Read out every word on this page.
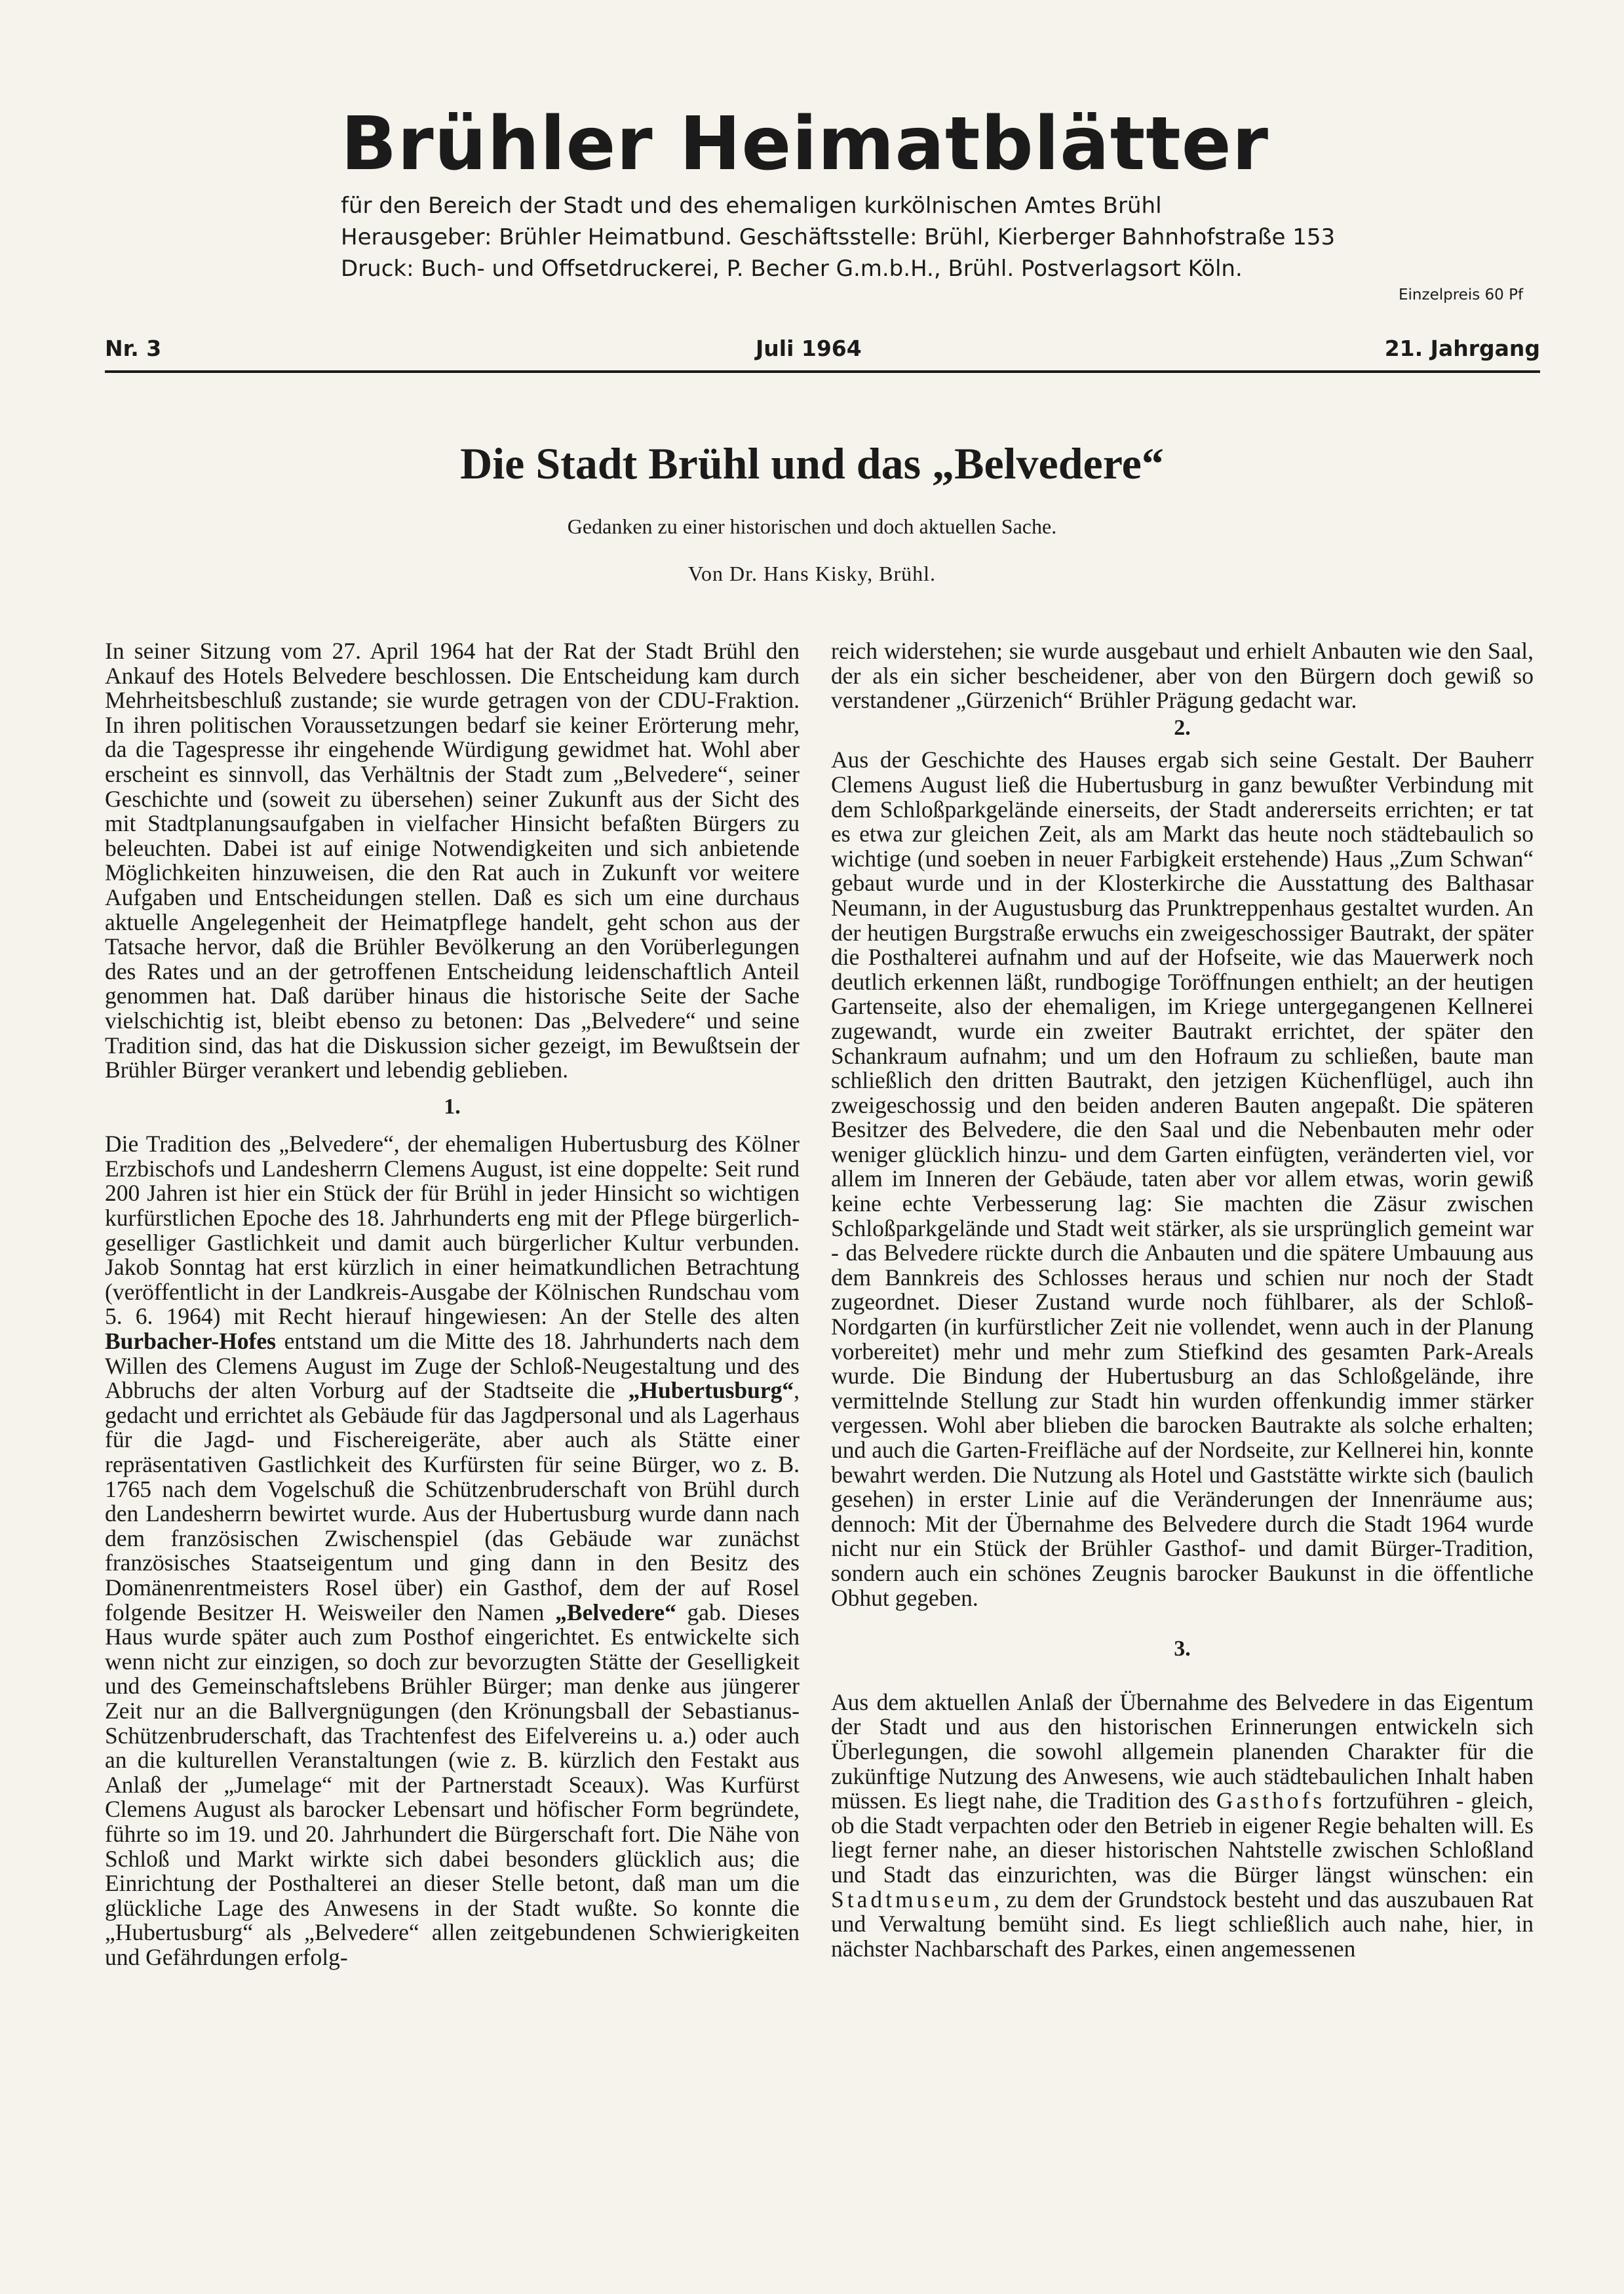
Brühler Heimatblätter
für den Bereich der Stadt und des ehemaligen kurkölnischen Amtes Brühl
Herausgeber: Brühler Heimatbund. Geschäftsstelle: Brühl, Kierberger Bahnhofstraße 153
Druck: Buch- und Offsetdruckerei, P. Becher G.m.b.H., Brühl. Postverlagsort Köln.
Einzelpreis 60 Pf
Nr. 3	Juli 1964	21. Jahrgang
Die Stadt Brühl und das „Belvedere“
Gedanken zu einer historischen und doch aktuellen Sache.
Von Dr. Hans Kisky, Brühl.

In seiner Sitzung vom 27. April 1964 hat der Rat der Stadt Brühl den Ankauf des Hotels Belvedere beschlossen. Die Entscheidung kam durch Mehrheitsbeschluß zustande; sie wurde getragen von der CDU-Fraktion. In ihren politischen Voraussetzungen bedarf sie keiner Erörterung mehr, da die Tagespresse ihr eingehende Würdigung gewidmet hat. Wohl aber erscheint es sinnvoll, das Verhältnis der Stadt zum „Belvedere“, seiner Geschichte und (soweit zu übersehen) seiner Zukunft aus der Sicht des mit Stadtplanungsaufgaben in vielfacher Hinsicht befaßten Bürgers zu beleuchten. Dabei ist auf einige Notwendigkeiten und sich anbietende Möglichkeiten hinzuweisen, die den Rat auch in Zukunft vor weitere Aufgaben und Entscheidungen stellen. Daß es sich um eine durchaus aktuelle Angelegenheit der Heimatpflege handelt, geht schon aus der Tatsache hervor, daß die Brühler Bevölkerung an den Vorüberlegungen des Rates und an der getroffenen Entscheidung leidenschaftlich Anteil genommen hat. Daß darüber hinaus die historische Seite der Sache vielschichtig ist, bleibt ebenso zu betonen: Das „Belvedere“ und seine Tradition sind, das hat die Diskussion sicher gezeigt, im Bewußtsein der Brühler Bürger verankert und lebendig geblieben.

1.

Die Tradition des „Belvedere“, der ehemaligen Hubertusburg des Kölner Erzbischofs und Landesherrn Clemens August, ist eine doppelte: Seit rund 200 Jahren ist hier ein Stück der für Brühl in jeder Hinsicht so wichtigen kurfürstlichen Epoche des 18. Jahrhunderts eng mit der Pflege bürgerlich-geselliger Gastlichkeit und damit auch bürgerlicher Kultur verbunden. Jakob Sonntag hat erst kürzlich in einer heimatkundlichen Betrachtung (veröffentlicht in der Landkreis-Ausgabe der Kölnischen Rundschau vom 5. 6. 1964) mit Recht hierauf hingewiesen: An der Stelle des alten Burbacher-Hofes entstand um die Mitte des 18. Jahrhunderts nach dem Willen des Clemens August im Zuge der Schloß-Neugestaltung und des Abbruchs der alten Vorburg auf der Stadtseite die „Hubertusburg“, gedacht und errichtet als Gebäude für das Jagdpersonal und als Lagerhaus für die Jagd- und Fischereigeräte, aber auch als Stätte einer repräsentativen Gastlichkeit des Kurfürsten für seine Bürger, wo z. B. 1765 nach dem Vogelschuß die Schützenbruderschaft von Brühl durch den Landesherrn bewirtet wurde. Aus der Hubertusburg wurde dann nach dem französischen Zwischenspiel (das Gebäude war zunächst französisches Staatseigentum und ging dann in den Besitz des Domänenrentmeisters Rosel über) ein Gasthof, dem der auf Rosel folgende Besitzer H. Weisweiler den Namen „Belvedere“ gab. Dieses Haus wurde später auch zum Posthof eingerichtet. Es entwickelte sich wenn nicht zur einzigen, so doch zur bevorzugten Stätte der Geselligkeit und des Gemeinschaftslebens Brühler Bürger; man denke aus jüngerer Zeit nur an die Ballvergnügungen (den Krönungsball der Sebastianus-Schützenbruderschaft, das Trachtenfest des Eifelvereins u. a.) oder auch an die kulturellen Veranstaltungen (wie z. B. kürzlich den Festakt aus Anlaß der „Jumelage“ mit der Partnerstadt Sceaux). Was Kurfürst Clemens August als barocker Lebensart und höfischer Form begründete, führte so im 19. und 20. Jahrhundert die Bürgerschaft fort. Die Nähe von Schloß und Markt wirkte sich dabei besonders glücklich aus; die Einrichtung der Posthalterei an dieser Stelle betont, daß man um die glückliche Lage des Anwesens in der Stadt wußte. So konnte die „Hubertusburg“ als „Belvedere“ allen zeitgebundenen Schwierigkeiten und Gefährdungen erfolg-

reich widerstehen; sie wurde ausgebaut und erhielt Anbauten wie den Saal, der als ein sicher bescheidener, aber von den Bürgern doch gewiß so verstandener „Gürzenich“ Brühler Prägung gedacht war.

2.

Aus der Geschichte des Hauses ergab sich seine Gestalt. Der Bauherr Clemens August ließ die Hubertusburg in ganz bewußter Verbindung mit dem Schloßparkgelände einerseits, der Stadt andererseits errichten; er tat es etwa zur gleichen Zeit, als am Markt das heute noch städtebaulich so wichtige (und soeben in neuer Farbigkeit erstehende) Haus „Zum Schwan“ gebaut wurde und in der Klosterkirche die Ausstattung des Balthasar Neumann, in der Augustusburg das Prunktreppenhaus gestaltet wurden. An der heutigen Burgstraße erwuchs ein zweigeschossiger Bautrakt, der später die Posthalterei aufnahm und auf der Hofseite, wie das Mauerwerk noch deutlich erkennen läßt, rundbogige Toröffnungen enthielt; an der heutigen Gartenseite, also der ehemaligen, im Kriege untergegangenen Kellnerei zugewandt, wurde ein zweiter Bautrakt errichtet, der später den Schankraum aufnahm; und um den Hofraum zu schließen, baute man schließlich den dritten Bautrakt, den jetzigen Küchenflügel, auch ihn zweigeschossig und den beiden anderen Bauten angepaßt. Die späteren Besitzer des Belvedere, die den Saal und die Nebenbauten mehr oder weniger glücklich hinzu- und dem Garten einfügten, veränderten viel, vor allem im Inneren der Gebäude, taten aber vor allem etwas, worin gewiß keine echte Verbesserung lag: Sie machten die Zäsur zwischen Schloßparkgelände und Stadt weit stärker, als sie ursprünglich gemeint war - das Belvedere rückte durch die Anbauten und die spätere Umbauung aus dem Bannkreis des Schlosses heraus und schien nur noch der Stadt zugeordnet. Dieser Zustand wurde noch fühlbarer, als der Schloß-Nordgarten (in kurfürstlicher Zeit nie vollendet, wenn auch in der Planung vorbereitet) mehr und mehr zum Stiefkind des gesamten Park-Areals wurde. Die Bindung der Hubertusburg an das Schloßgelände, ihre vermittelnde Stellung zur Stadt hin wurden offenkundig immer stärker vergessen. Wohl aber blieben die barocken Bautrakte als solche erhalten; und auch die Garten-Freifläche auf der Nordseite, zur Kellnerei hin, konnte bewahrt werden. Die Nutzung als Hotel und Gaststätte wirkte sich (baulich gesehen) in erster Linie auf die Veränderungen der Innenräume aus; dennoch: Mit der Übernahme des Belvedere durch die Stadt 1964 wurde nicht nur ein Stück der Brühler Gasthof- und damit Bürger-Tradition, sondern auch ein schönes Zeugnis barocker Baukunst in die öffentliche Obhut gegeben.

3.

Aus dem aktuellen Anlaß der Übernahme des Belvedere in das Eigentum der Stadt und aus den historischen Erinnerungen entwickeln sich Überlegungen, die sowohl allgemein planenden Charakter für die zukünftige Nutzung des Anwesens, wie auch städtebaulichen Inhalt haben müssen. Es liegt nahe, die Tradition des Gasthofs fortzuführen - gleich, ob die Stadt verpachten oder den Betrieb in eigener Regie behalten will. Es liegt ferner nahe, an dieser historischen Nahtstelle zwischen Schloßland und Stadt das einzurichten, was die Bürger längst wünschen: ein Stadtmuseum, zu dem der Grundstock besteht und das auszubauen Rat und Verwaltung bemüht sind. Es liegt schließlich auch nahe, hier, in nächster Nachbarschaft des Parkes, einen angemessenen
